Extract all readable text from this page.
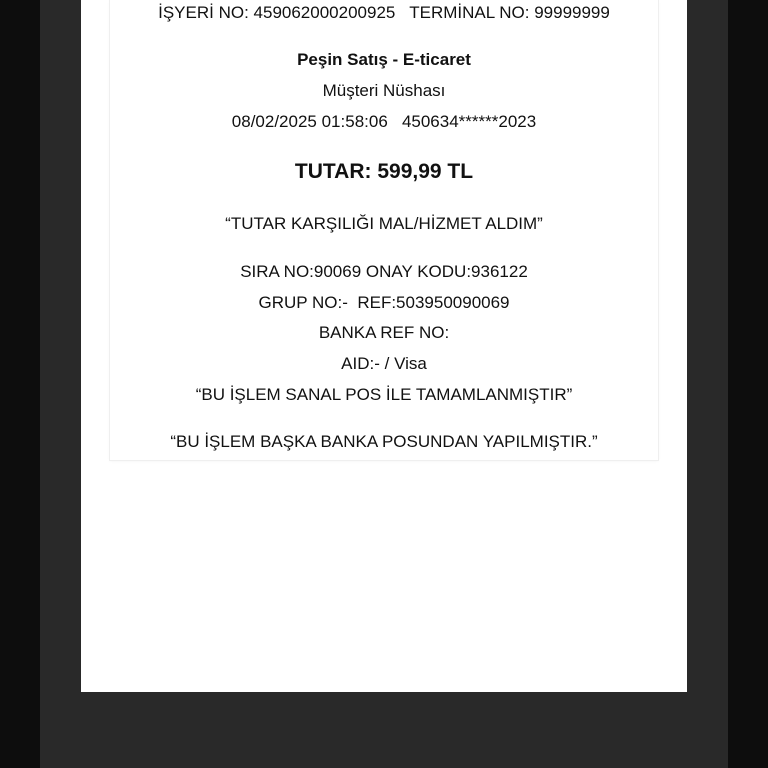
İŞYERİ NO: 459062000200925   TERMİNAL NO: 99999999
Peşin Satış - E-ticaret
Müşteri Nüshası
08/02/2025 01:58:06   450634******2023
TUTAR: 599,99 TL
“TUTAR KARŞILIĞI MAL/HİZMET ALDIM”
SIRA NO:90069 ONAY KODU:936122
GRUP NO:-  REF:503950090069
BANKA REF NO:
AID:- / Visa
“BU İŞLEM SANAL POS İLE TAMAMLANMIŞTIR”
“BU İŞLEM BAŞKA BANKA POSUNDAN YAPILMIŞTIR.”
